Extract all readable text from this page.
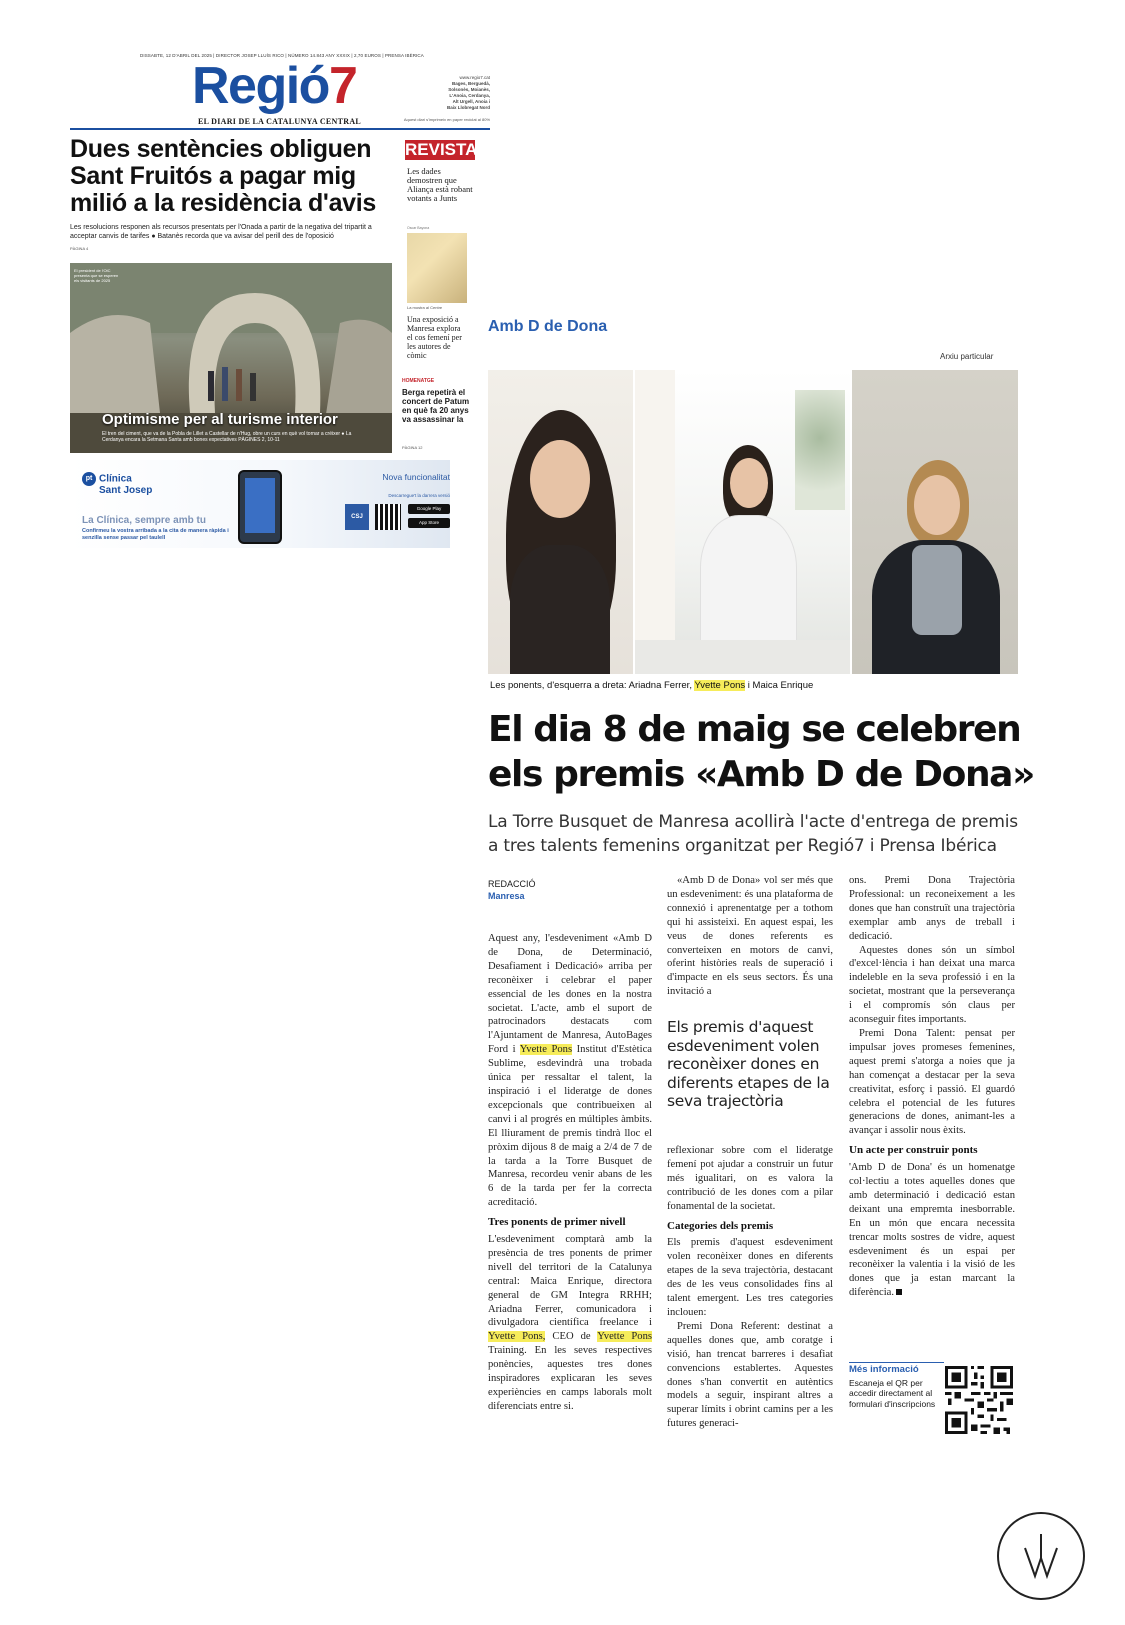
DISSABTE, 12 D'ABRIL DEL 2025 | DIRECTOR JOSEP LLUÍS RICO | NÚMERO 14.843 ANY XXXIX | 2,70 EUROS | PRENSA IBÈRICA
Regió7
EL DIARI DE LA CATALUNYA CENTRAL
www.regio7.cat
Bages, Berguedà,
Solsonès, Moianès,
L'Anoia, Cerdanya,
Alt Urgell, Anoia i
Baix Llobregat Nord
Aquest diari s'imprimeix en paper reciclat al 80%
Dues sentències obliguen Sant Fruitós a pagar mig milió a la residència d'avis
Les resolucions responen als recursos presentats per l'Onada a partir de la negativa del tripartit a acceptar canvis de tarifes ● Batanès recorda que va avisar del perill des de l'oposició
PÀGINA 4
El president de l'OIC presenta que se esperen els visitants de 2025
Optimisme per al turisme interior
El tren del ciment, que va de la Pobla de Lillet a Castellar de n'Hug, obre un curs en què vol tornar a créixer ● La Cerdanya encara la Setmana Santa amb bones expectatives PÀGINES 2, 10-11
REVISTA
Les dades demostren que Aliança està robant votants a Junts
Oscar Bayona
La mostra al Centre
Una exposició a Manresa explora el cos femení per les autores de còmic
HOMENATGE
Berga repetirà el concert de Patum en què fa 20 anys va assassinar la
PÀGINA 12
pt Clínica
Sant Josep
La Clínica, sempre amb tu
Confirmeu la vostra arribada a la cita de manera ràpida i senzilla sense passar pel taulell
Nova funcionalitat
Descarregue't la darrera versió
CSJ
Google Play
App Store
Amb D de Dona
Arxiu particular
Les ponents, d'esquerra a dreta: Ariadna Ferrer, Yvette Pons i Maica Enrique
El dia 8 de maig se celebren els premis «Amb D de Dona»
La Torre Busquet de Manresa acollirà l'acte d'entrega de premis a tres talents femenins organitzat per Regió7 i Prensa Ibérica
REDACCIÓ
Manresa

Aquest any, l'esdeveniment «Amb D de Dona, de Determinació, Desafiament i Dedicació» arriba per reconèixer i celebrar el paper essencial de les dones en la nostra societat. L'acte, amb el suport de patrocinadors destacats com l'Ajuntament de Manresa, AutoBages Ford i Yvette Pons Institut d'Estètica Sublime, esdevindrà una trobada única per ressaltar el talent, la inspiració i el lideratge de dones excepcionals que contribueixen al canvi i al progrés en múltiples àmbits. El lliurament de premis tindrà lloc el pròxim dijous 8 de maig a 2/4 de 7 de la tarda a la Torre Busquet de Manresa, recordeu venir abans de les 6 de la tarda per fer la correcta acreditació.

Tres ponents de primer nivell

L'esdeveniment comptarà amb la presència de tres ponents de primer nivell del territori de la Catalunya central: Maica Enrique, directora general de GM Integra RRHH; Ariadna Ferrer, comunicadora i divulgadora científica freelance i Yvette Pons, CEO de Yvette Pons Training. En les seves respectives ponències, aquestes tres dones inspiradores explicaran les seves experiències en camps laborals molt diferenciats entre si.

«Amb D de Dona» vol ser més que un esdeveniment: és una plataforma de connexió i aprenentatge per a tothom qui hi assisteixi. En aquest espai, les veus de dones referents es converteixen en motors de canvi, oferint històries reals de superació i d'impacte en els seus sectors. És una invitació a

Els premis d'aquest esdeveniment volen reconèixer dones en diferents etapes de la seva trajectòria

reflexionar sobre com el lideratge femení pot ajudar a construir un futur més igualitari, on es valora la contribució de les dones com a pilar fonamental de la societat.

Categories dels premis

Els premis d'aquest esdeveniment volen reconèixer dones en diferents etapes de la seva trajectòria, destacant des de les veus consolidades fins al talent emergent. Les tres categories inclouen:

Premi Dona Referent: destinat a aquelles dones que, amb coratge i visió, han trencat barreres i desafiat convencions establertes. Aquestes dones s'han convertit en autèntics models a seguir, inspirant altres a superar límits i obrint camins per a les futures generaci-

ons. Premi Dona Trajectòria Professional: un reconeixement a les dones que han construït una trajectòria exemplar amb anys de treball i dedicació.

Aquestes dones són un símbol d'excel·lència i han deixat una marca indeleble en la seva professió i en la societat, mostrant que la perseverança i el compromís són claus per aconseguir fites importants.

Premi Dona Talent: pensat per impulsar joves promeses femenines, aquest premi s'atorga a noies que ja han començat a destacar per la seva creativitat, esforç i passió. El guardó celebra el potencial de les futures generacions de dones, animant-les a avançar i assolir nous èxits.

Un acte per construir ponts

'Amb D de Dona' és un homenatge col·lectiu a totes aquelles dones que amb determinació i dedicació estan deixant una empremta inesborrable. En un món que encara necessita trencar molts sostres de vidre, aquest esdeveniment és un espai per reconèixer la valentia i la visió de les dones que ja estan marcant la diferència.

Més informació
Escaneja el QR per accedir directament al formulari d'inscripcions
